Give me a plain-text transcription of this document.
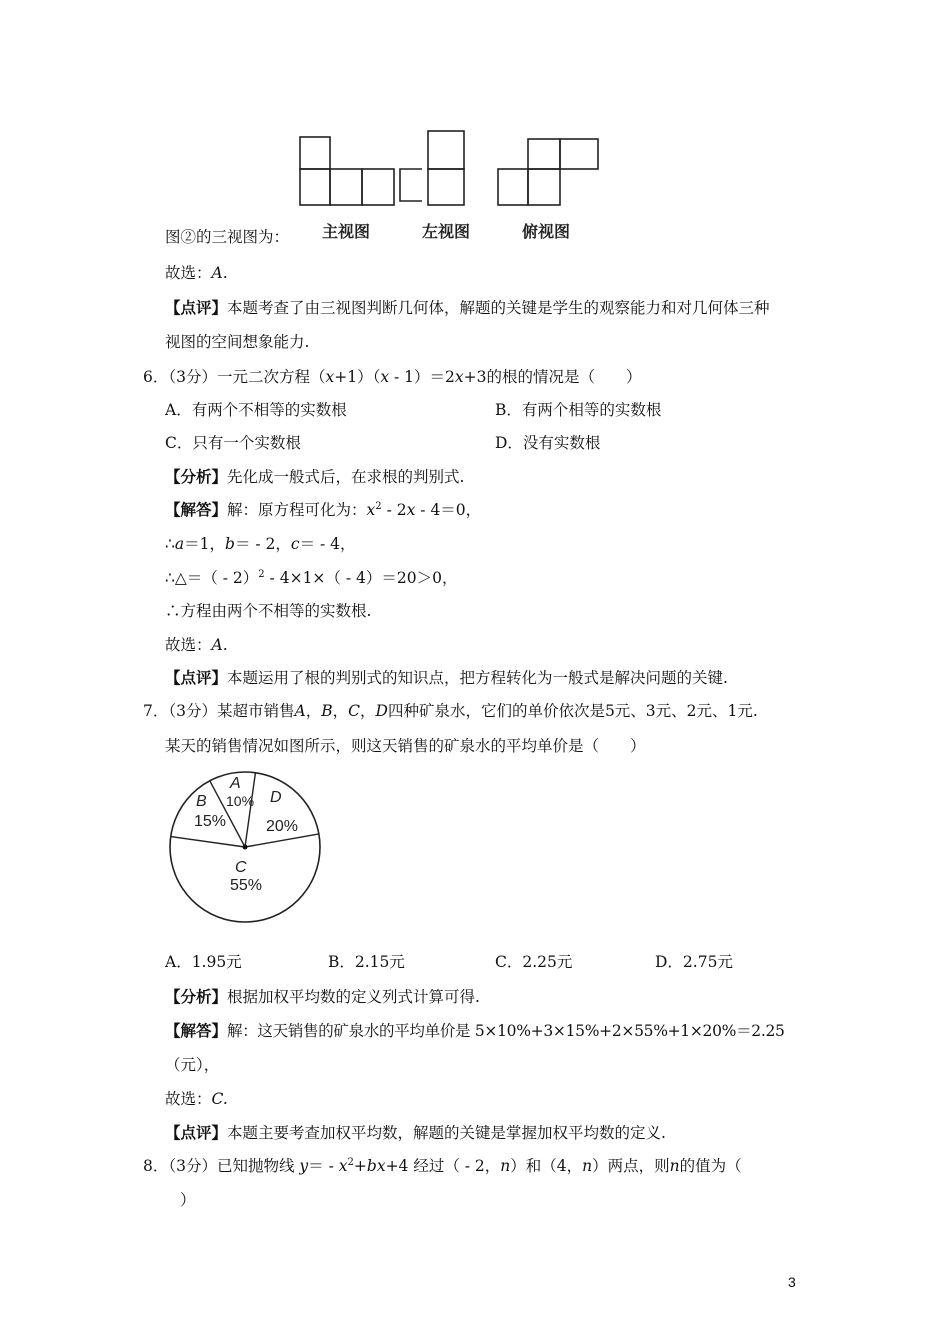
主视图	左视图	俯视图
图②的三视图为：
故选：A.
【点评】本题考查了由三视图判断几何体，解题的关键是学生的观察能力和对几何体三种
视图的空间想象能力.
6．（3分）一元二次方程（x+1）（x - 1）＝2x+3的根的情况是（　　）
A．有两个不相等的实数根	B．有两个相等的实数根
C．只有一个实数根	D．没有实数根
【分析】先化成一般式后，在求根的判别式.
【解答】解：原方程可化为：$x^2 - 2x - 4=0$，
∴a＝1，b＝ - 2，c＝ - 4，
∴△＝（ - 2）$^2$ - 4×1×（ - 4）＝20＞0，
∴方程由两个不相等的实数根.
故选：A.
【点评】本题运用了根的判别式的知识点，把方程转化为一般式是解决问题的关键.
7．（3分）某超市销售A，B，C，D四种矿泉水，它们的单价依次是5元、3元、2元、1元.
某天的销售情况如图所示，则这天销售的矿泉水的平均单价是（　　）
A
10%
B
15%
D
20%
C
55%
A．1.95元	B．2.15元	C．2.25元	D．2.75元
【分析】根据加权平均数的定义列式计算可得.
【解答】解：这天销售的矿泉水的平均单价是 5×10%+3×15%+2×55%+1×20%＝2.25
（元），
故选：C.
【点评】本题主要考查加权平均数，解题的关键是掌握加权平均数的定义.
8．（3分）已知抛物线 $y= - x^2+bx+4$ 经过（ - 2，n）和（4，n）两点，则n的值为（
）
3
